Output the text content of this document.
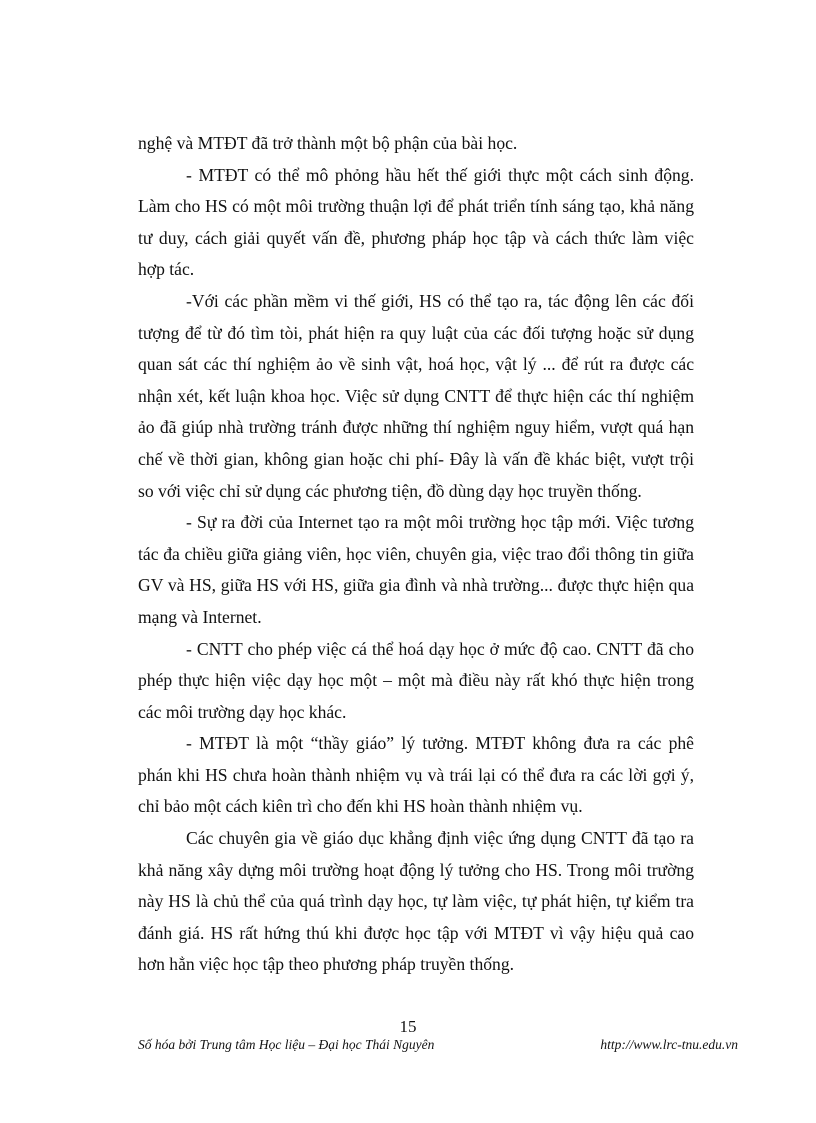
nghệ và MTĐT đã trở thành một bộ phận của bài học.

- MTĐT có thể mô phỏng hầu hết thế giới thực một cách sinh động. Làm cho HS có một môi trường thuận lợi để phát triển tính sáng tạo, khả năng tư duy, cách giải quyết vấn đề, phương pháp học tập và cách thức làm việc hợp tác.

-Với các phần mềm vi thế giới, HS có thể tạo ra, tác động lên các đối tượng để từ đó tìm tòi, phát hiện ra quy luật của các đối tượng hoặc sử dụng quan sát các thí nghiệm ảo về sinh vật, hoá học, vật lý ... để rút ra được các nhận xét, kết luận khoa học. Việc sử dụng CNTT để thực hiện các thí nghiệm ảo đã giúp nhà trường tránh được những thí nghiệm nguy hiểm, vượt quá hạn chế về thời gian, không gian hoặc chi phí- Đây là vấn đề khác biệt, vượt trội so với việc chỉ sử dụng các phương tiện, đồ dùng dạy học truyền thống.

- Sự ra đời của Internet tạo ra một môi trường học tập mới. Việc tương tác đa chiều giữa giảng viên, học viên, chuyên gia, việc trao đổi thông tin giữa GV và HS, giữa HS với HS, giữa gia đình và nhà trường... được thực hiện qua mạng và Internet.

- CNTT cho phép việc cá thể hoá dạy học ở mức độ cao. CNTT đã cho phép thực hiện việc dạy học một – một mà điều này rất khó thực hiện trong các môi trường dạy học khác.

- MTĐT là một “thầy giáo” lý tưởng. MTĐT không đưa ra các phê phán khi HS chưa hoàn thành nhiệm vụ và trái lại có thể đưa ra các lời gợi ý, chỉ bảo một cách kiên trì cho đến khi HS hoàn thành nhiệm vụ.

Các chuyên gia về giáo dục khẳng định việc ứng dụng CNTT đã tạo ra khả năng xây dựng môi trường hoạt động lý tưởng cho HS. Trong môi trường này HS là chủ thể của quá trình dạy học, tự làm việc, tự phát hiện, tự kiểm tra đánh giá. HS rất hứng thú khi được học tập với MTĐT vì vậy hiệu quả cao hơn hẳn việc học tập theo phương pháp truyền thống.

15
Số hóa bởi Trung tâm Học liệu – Đại học Thái Nguyên	http://www.lrc-tnu.edu.vn
